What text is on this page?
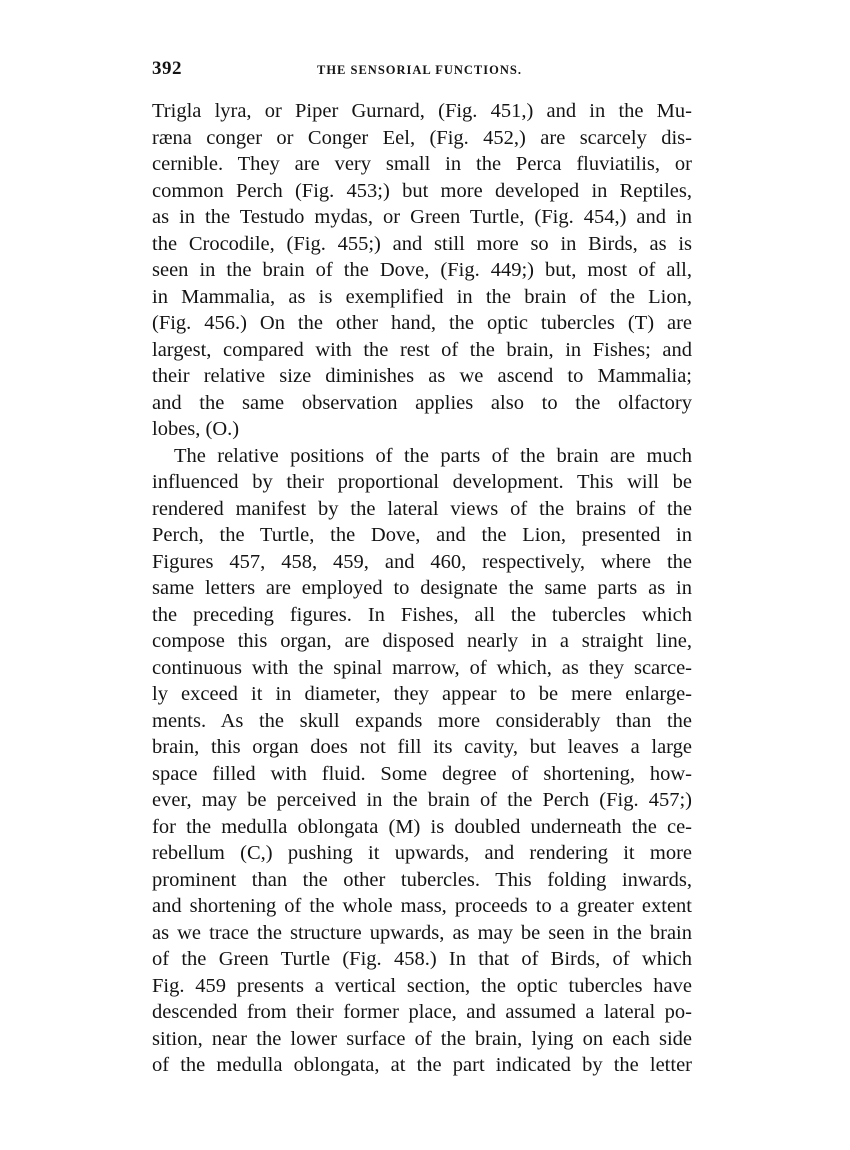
392	THE SENSORIAL FUNCTIONS.
Trigla lyra, or Piper Gurnard, (Fig. 451,) and in the Mu-
ræna conger or Conger Eel, (Fig. 452,) are scarcely dis-
cernible. They are very small in the Perca fluviatilis, or
common Perch (Fig. 453;) but more developed in Reptiles,
as in the Testudo mydas, or Green Turtle, (Fig. 454,) and in
the Crocodile, (Fig. 455;) and still more so in Birds, as is
seen in the brain of the Dove, (Fig. 449;) but, most of all,
in Mammalia, as is exemplified in the brain of the Lion,
(Fig. 456.) On the other hand, the optic tubercles (T) are
largest, compared with the rest of the brain, in Fishes; and
their relative size diminishes as we ascend to Mammalia;
and the same observation applies also to the olfactory
lobes, (O.)
The relative positions of the parts of the brain are much
influenced by their proportional development. This will be
rendered manifest by the lateral views of the brains of the
Perch, the Turtle, the Dove, and the Lion, presented in
Figures 457, 458, 459, and 460, respectively, where the
same letters are employed to designate the same parts as in
the preceding figures. In Fishes, all the tubercles which
compose this organ, are disposed nearly in a straight line,
continuous with the spinal marrow, of which, as they scarce-
ly exceed it in diameter, they appear to be mere enlarge-
ments. As the skull expands more considerably than the
brain, this organ does not fill its cavity, but leaves a large
space filled with fluid. Some degree of shortening, how-
ever, may be perceived in the brain of the Perch (Fig. 457;)
for the medulla oblongata (M) is doubled underneath the ce-
rebellum (C,) pushing it upwards, and rendering it more
prominent than the other tubercles. This folding inwards,
and shortening of the whole mass, proceeds to a greater extent
as we trace the structure upwards, as may be seen in the brain
of the Green Turtle (Fig. 458.) In that of Birds, of which
Fig. 459 presents a vertical section, the optic tubercles have
descended from their former place, and assumed a lateral po-
sition, near the lower surface of the brain, lying on each side
of the medulla oblongata, at the part indicated by the letter
